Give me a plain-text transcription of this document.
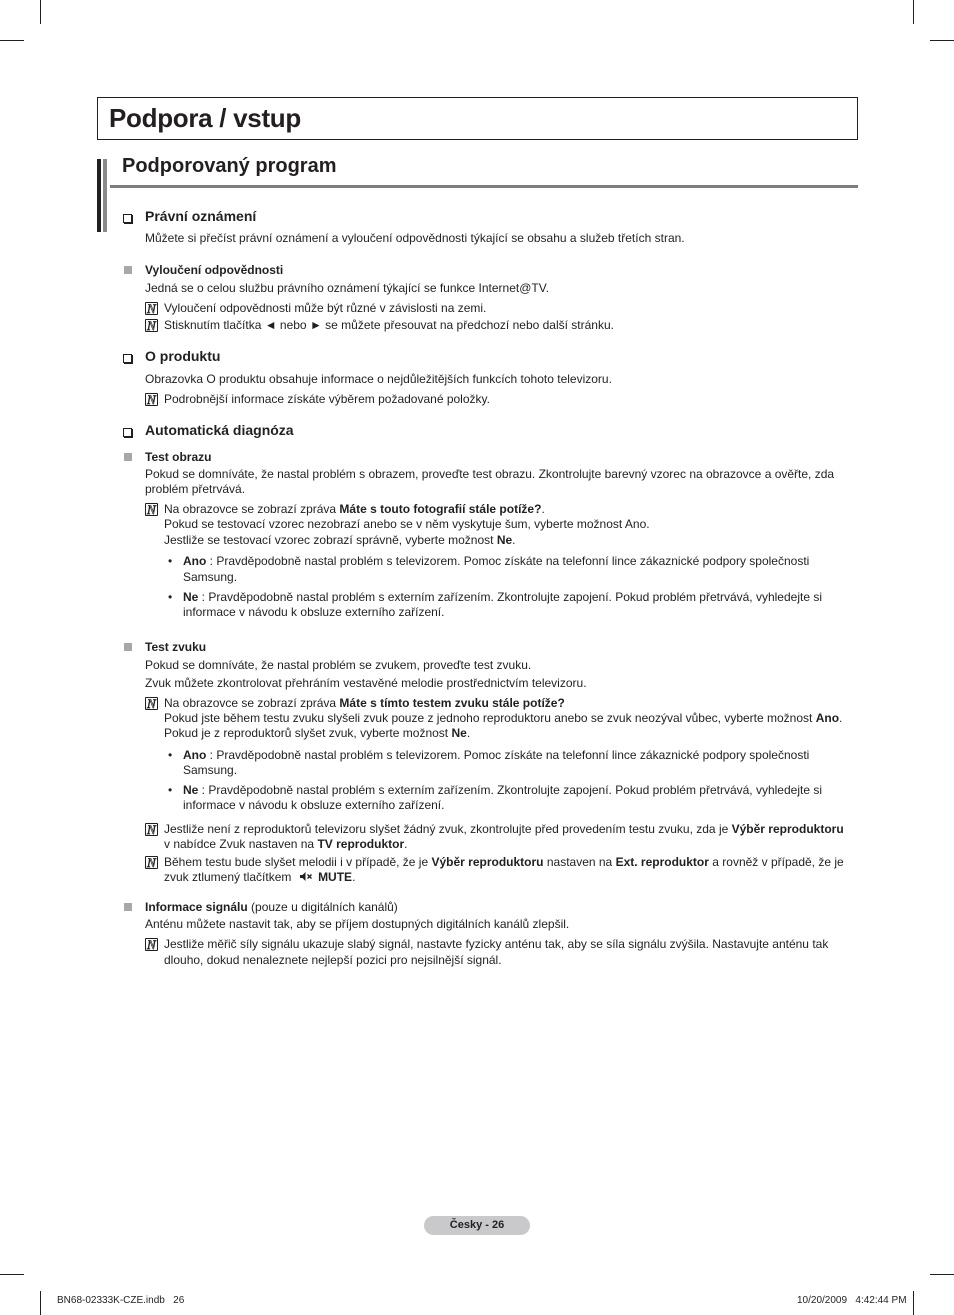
Podpora / vstup
Podporovaný program
Právní oznámení
Můžete si přečíst právní oznámení a vyloučení odpovědnosti týkající se obsahu a služeb třetích stran.
Vyloučení odpovědnosti
Jedná se o celou službu právního oznámení týkající se funkce Internet@TV.
N
Vyloučení odpovědnosti může být různé v závislosti na zemi.
N
Stisknutím tlačítka ◄ nebo ► se můžete přesouvat na předchozí nebo další stránku.
O produktu
Obrazovka O produktu obsahuje informace o nejdůležitějších funkcích tohoto televizoru.
N
Podrobnější informace získáte výběrem požadované položky.
Automatická diagnóza
Test obrazu
Pokud se domníváte, že nastal problém s obrazem, proveďte test obrazu. Zkontrolujte barevný vzorec na obrazovce a ověřte, zda
problém přetrvává.
N
Na obrazovce se zobrazí zpráva Máte s touto fotografií stále potíže?.
Pokud se testovací vzorec nezobrazí anebo se v něm vyskytuje šum, vyberte možnost Ano.
Jestliže se testovací vzorec zobrazí správně, vyberte možnost Ne.
• Ano : Pravděpodobně nastal problém s televizorem. Pomoc získáte na telefonní lince zákaznické podpory společnosti
Samsung.
• Ne : Pravděpodobně nastal problém s externím zařízením. Zkontrolujte zapojení. Pokud problém přetrvává, vyhledejte si
informace v návodu k obsluze externího zařízení.
Test zvuku
Pokud se domníváte, že nastal problém se zvukem, proveďte test zvuku.
Zvuk můžete zkontrolovat přehráním vestavěné melodie prostřednictvím televizoru.
N
Na obrazovce se zobrazí zpráva Máte s tímto testem zvuku stále potíže?
Pokud jste během testu zvuku slyšeli zvuk pouze z jednoho reproduktoru anebo se zvuk neozýval vůbec, vyberte možnost Ano.
Pokud je z reproduktorů slyšet zvuk, vyberte možnost Ne.
• Ano : Pravděpodobně nastal problém s televizorem. Pomoc získáte na telefonní lince zákaznické podpory společnosti
Samsung.
• Ne : Pravděpodobně nastal problém s externím zařízením. Zkontrolujte zapojení. Pokud problém přetrvává, vyhledejte si
informace v návodu k obsluze externího zařízení.
N
Jestliže není z reproduktorů televizoru slyšet žádný zvuk, zkontrolujte před provedením testu zvuku, zda je Výběr reproduktoru
v nabídce Zvuk nastaven na TV reproduktor.
N
Během testu bude slyšet melodii i v případě, že je Výběr reproduktoru nastaven na Ext. reproduktor a rovněž v případě, že je
zvuk ztlumený tlačítkem  MUTE.
Informace signálu (pouze u digitálních kanálů)
Anténu můžete nastavit tak, aby se příjem dostupných digitálních kanálů zlepšil.
N
Jestliže měřič síly signálu ukazuje slabý signál, nastavte fyzicky anténu tak, aby se síla signálu zvýšila. Nastavujte anténu tak
dlouho, dokud nenaleznete nejlepší pozici pro nejsilnější signál.
Česky - 26
BN68-02333K-CZE.indb   26	10/20/2009   4:42:44 PM
